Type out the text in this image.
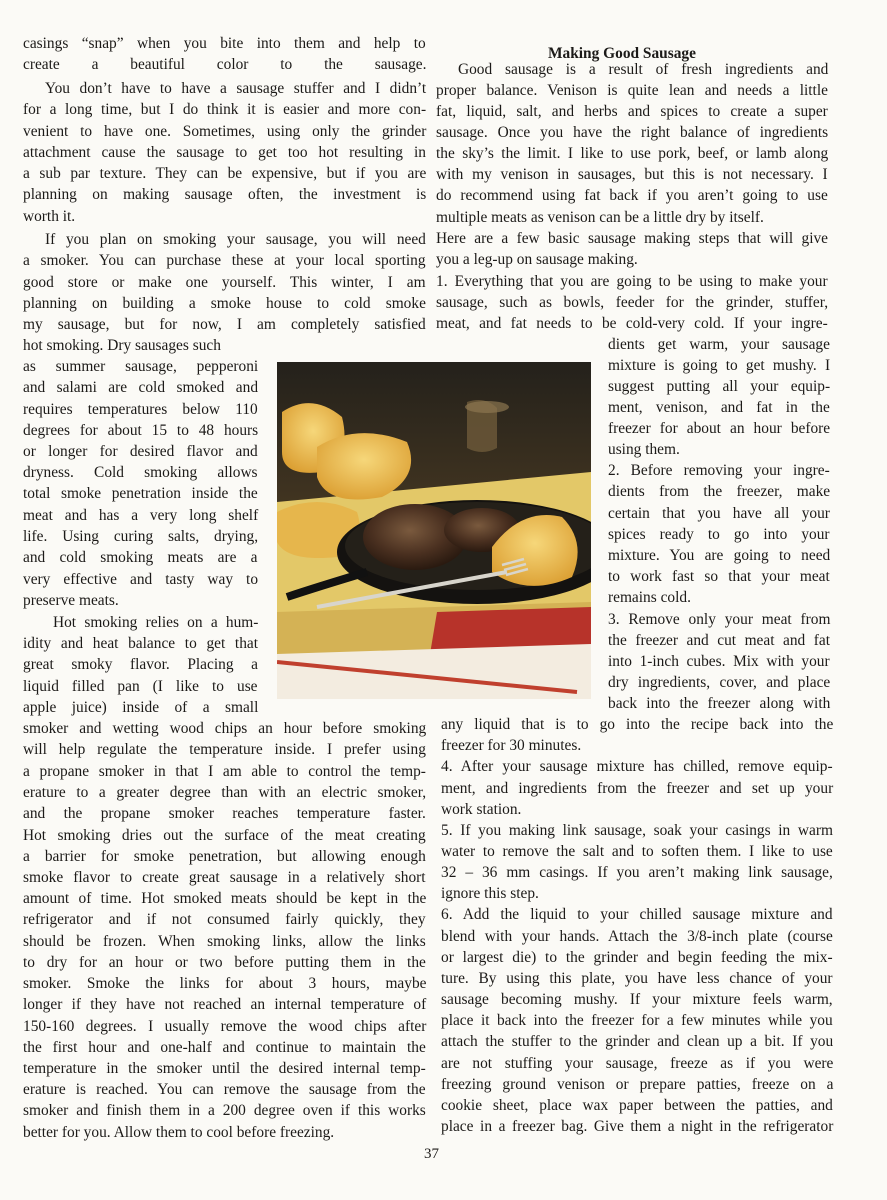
casings “snap” when you bite into them and help to
create a beautiful color to the sausage.
You don’t have to have a sausage stuffer and I didn’t
for a long time, but I do think it is easier and more con-
venient to have one. Sometimes, using only the grinder
attachment cause the sausage to get too hot resulting in
a sub par texture. They can be expensive, but if you are
planning on making sausage often, the investment is
worth it.
If you plan on smoking your sausage, you will need
a smoker. You can purchase these at your local sporting
good store or make one yourself. This winter, I am
planning on building a smoke house to cold smoke
my sausage, but for now, I am completely satisfied
hot smoking. Dry sausages such
as summer sausage, pepperoni
and salami are cold smoked and
requires temperatures below 110
degrees for about 15 to 48 hours
or longer for desired flavor and
dryness. Cold smoking allows
total smoke penetration inside the
meat and has a very long shelf
life. Using curing salts, drying,
and cold smoking meats are a
very effective and tasty way to
preserve meats.
Hot smoking relies on a hum-
idity and heat balance to get that
great smoky flavor. Placing a
liquid filled pan (I like to use
apple juice) inside of a small
smoker and wetting wood chips an hour before smoking
will help regulate the temperature inside. I prefer using
a propane smoker in that I am able to control the temp-
erature to a greater degree than with an electric smoker,
and the propane smoker reaches temperature faster.
Hot smoking dries out the surface of the meat creating
a barrier for smoke penetration, but allowing enough
smoke flavor to create great sausage in a relatively short
amount of time. Hot smoked meats should be kept in the
refrigerator and if not consumed fairly quickly, they
should be frozen. When smoking links, allow the links
to dry for an hour or two before putting them in the
smoker. Smoke the links for about 3 hours, maybe
longer if they have not reached an internal temperature of
150-160 degrees. I usually remove the wood chips after
the first hour and one-half and continue to maintain the
temperature in the smoker until the desired internal temp-
erature is reached. You can remove the sausage from the
smoker and finish them in a 200 degree oven if this works
better for you. Allow them to cool before freezing.
Making Good Sausage
Good sausage is a result of fresh ingredients and
proper balance. Venison is quite lean and needs a little
fat, liquid, salt, and herbs and spices to create a super
sausage. Once you have the right balance of ingredients
the sky’s the limit. I like to use pork, beef, or lamb along
with my venison in sausages, but this is not necessary. I
do recommend using fat back if you aren’t going to use
multiple meats as venison can be a little dry by itself.
Here are a few basic sausage making steps that will give
you a leg-up on sausage making.
1. Everything that you are going to be using to make your
sausage, such as bowls, feeder for the grinder, stuffer,
meat, and fat needs to be cold-very cold. If your ingre-
dients get warm, your sausage
mixture is going to get mushy. I
suggest putting all your equip-
ment, venison, and fat in the
freezer for about an hour before
using them.
2. Before removing your ingre-
dients from the freezer, make
certain that you have all your
spices ready to go into your
mixture. You are going to need
to work fast so that your meat
remains cold.
3. Remove only your meat from
the freezer and cut meat and fat
into 1-inch cubes. Mix with your
dry ingredients, cover, and place
back into the freezer along with
any liquid that is to go into the recipe back into the
freezer for 30 minutes.
4. After your sausage mixture has chilled, remove equip-
ment, and ingredients from the freezer and set up your
work station.
5. If you making link sausage, soak your casings in warm
water to remove the salt and to soften them. I like to use
32 – 36 mm casings. If you aren’t making link sausage,
ignore this step.
6. Add the liquid to your chilled sausage mixture and
blend with your hands. Attach the 3/8-inch plate (course
or largest die) to the grinder and begin feeding the mix-
ture. By using this plate, you have less chance of your
sausage becoming mushy. If your mixture feels warm,
place it back into the freezer for a few minutes while you
attach the stuffer to the grinder and clean up a bit. If you
are not stuffing your sausage, freeze as if you were
freezing ground venison or prepare patties, freeze on a
cookie sheet, place wax paper between the patties, and
place in a freezer bag. Give them a night in the refrigerator
37
